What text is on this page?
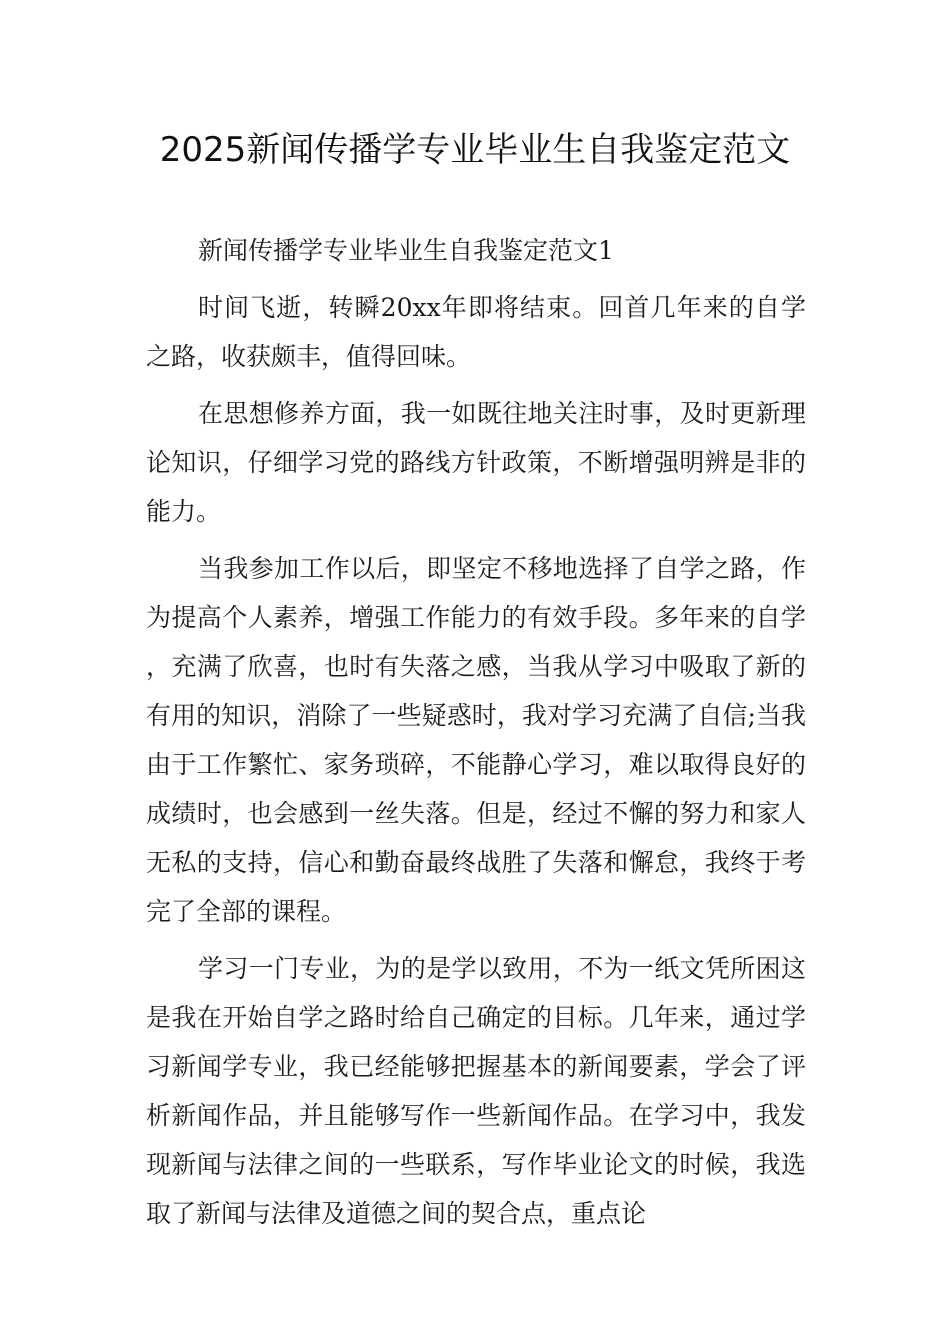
2025新闻传播学专业毕业生自我鉴定范文

新闻传播学专业毕业生自我鉴定范文1

时间飞逝，转瞬20xx年即将结束。回首几年来的自学之路，收获颇丰，值得回味。

在思想修养方面，我一如既往地关注时事，及时更新理论知识，仔细学习党的路线方针政策，不断增强明辨是非的能力。

当我参加工作以后，即坚定不移地选择了自学之路，作为提高个人素养，增强工作能力的有效手段。多年来的自学，充满了欣喜，也时有失落之感，当我从学习中吸取了新的有用的知识，消除了一些疑惑时，我对学习充满了自信;当我由于工作繁忙、家务琐碎，不能静心学习，难以取得良好的成绩时，也会感到一丝失落。但是，经过不懈的努力和家人无私的支持，信心和勤奋最终战胜了失落和懈怠，我终于考完了全部的课程。

学习一门专业，为的是学以致用，不为一纸文凭所困这是我在开始自学之路时给自己确定的目标。几年来，通过学习新闻学专业，我已经能够把握基本的新闻要素，学会了评析新闻作品，并且能够写作一些新闻作品。在学习中，我发现新闻与法律之间的一些联系，写作毕业论文的时候，我选取了新闻与法律及道德之间的契合点，重点论
